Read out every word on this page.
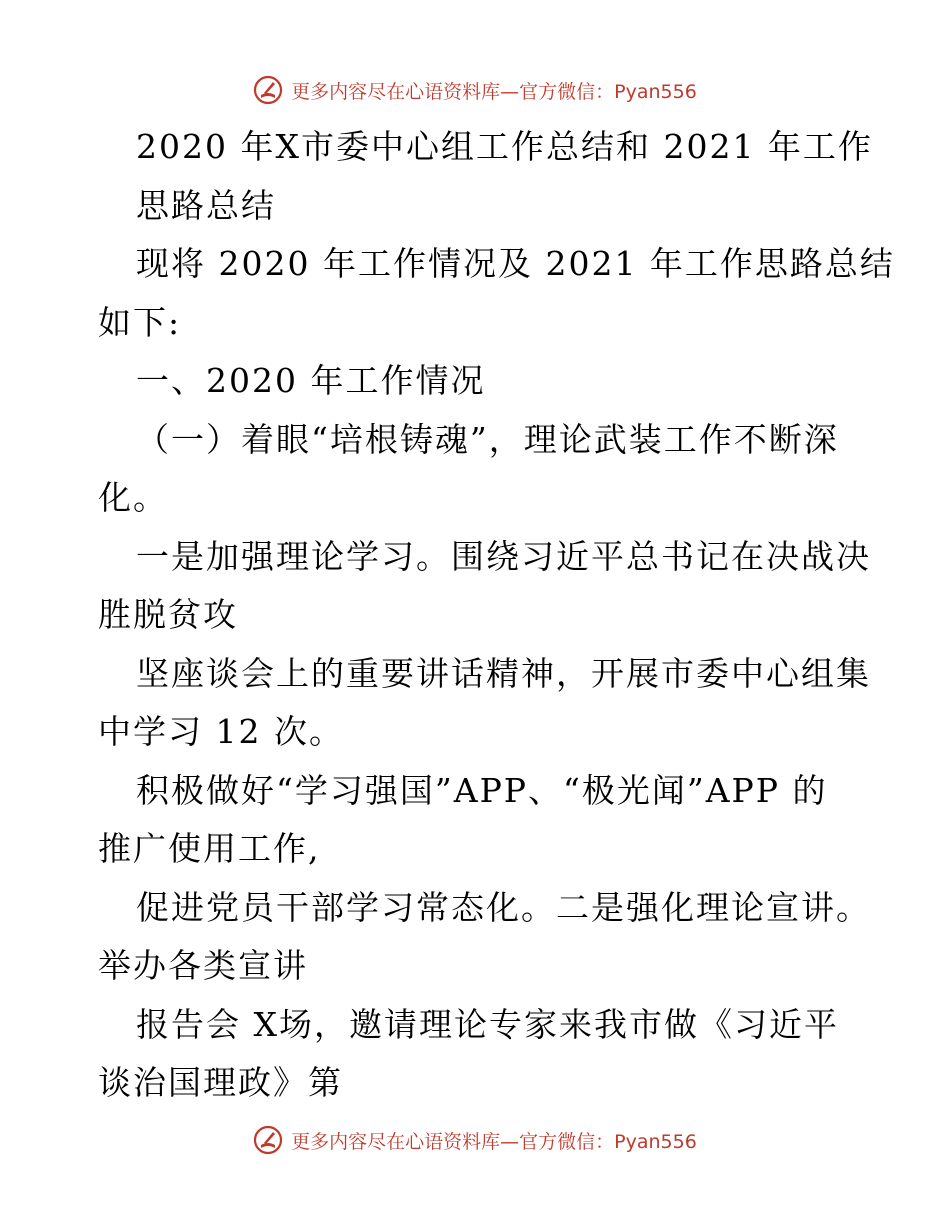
更多内容尽在心语资料库—官方微信：Pyan556
2020 年X市委中心组工作总结和 2021 年工作
思路总结
现将 2020 年工作情况及 2021 年工作思路总结
如下:
一、2020 年工作情况
（一）着眼“培根铸魂”，理论武装工作不断深
化。
一是加强理论学习。围绕习近平总书记在决战决
胜脱贫攻
坚座谈会上的重要讲话精神，开展市委中心组集
中学习 12 次。
积极做好“学习强国”APP、“极光闻”APP 的
推广使用工作,
促进党员干部学习常态化。二是强化理论宣讲。
举办各类宣讲
报告会 X场，邀请理论专家来我市做《习近平
谈治国理政》第
更多内容尽在心语资料库—官方微信：Pyan556
